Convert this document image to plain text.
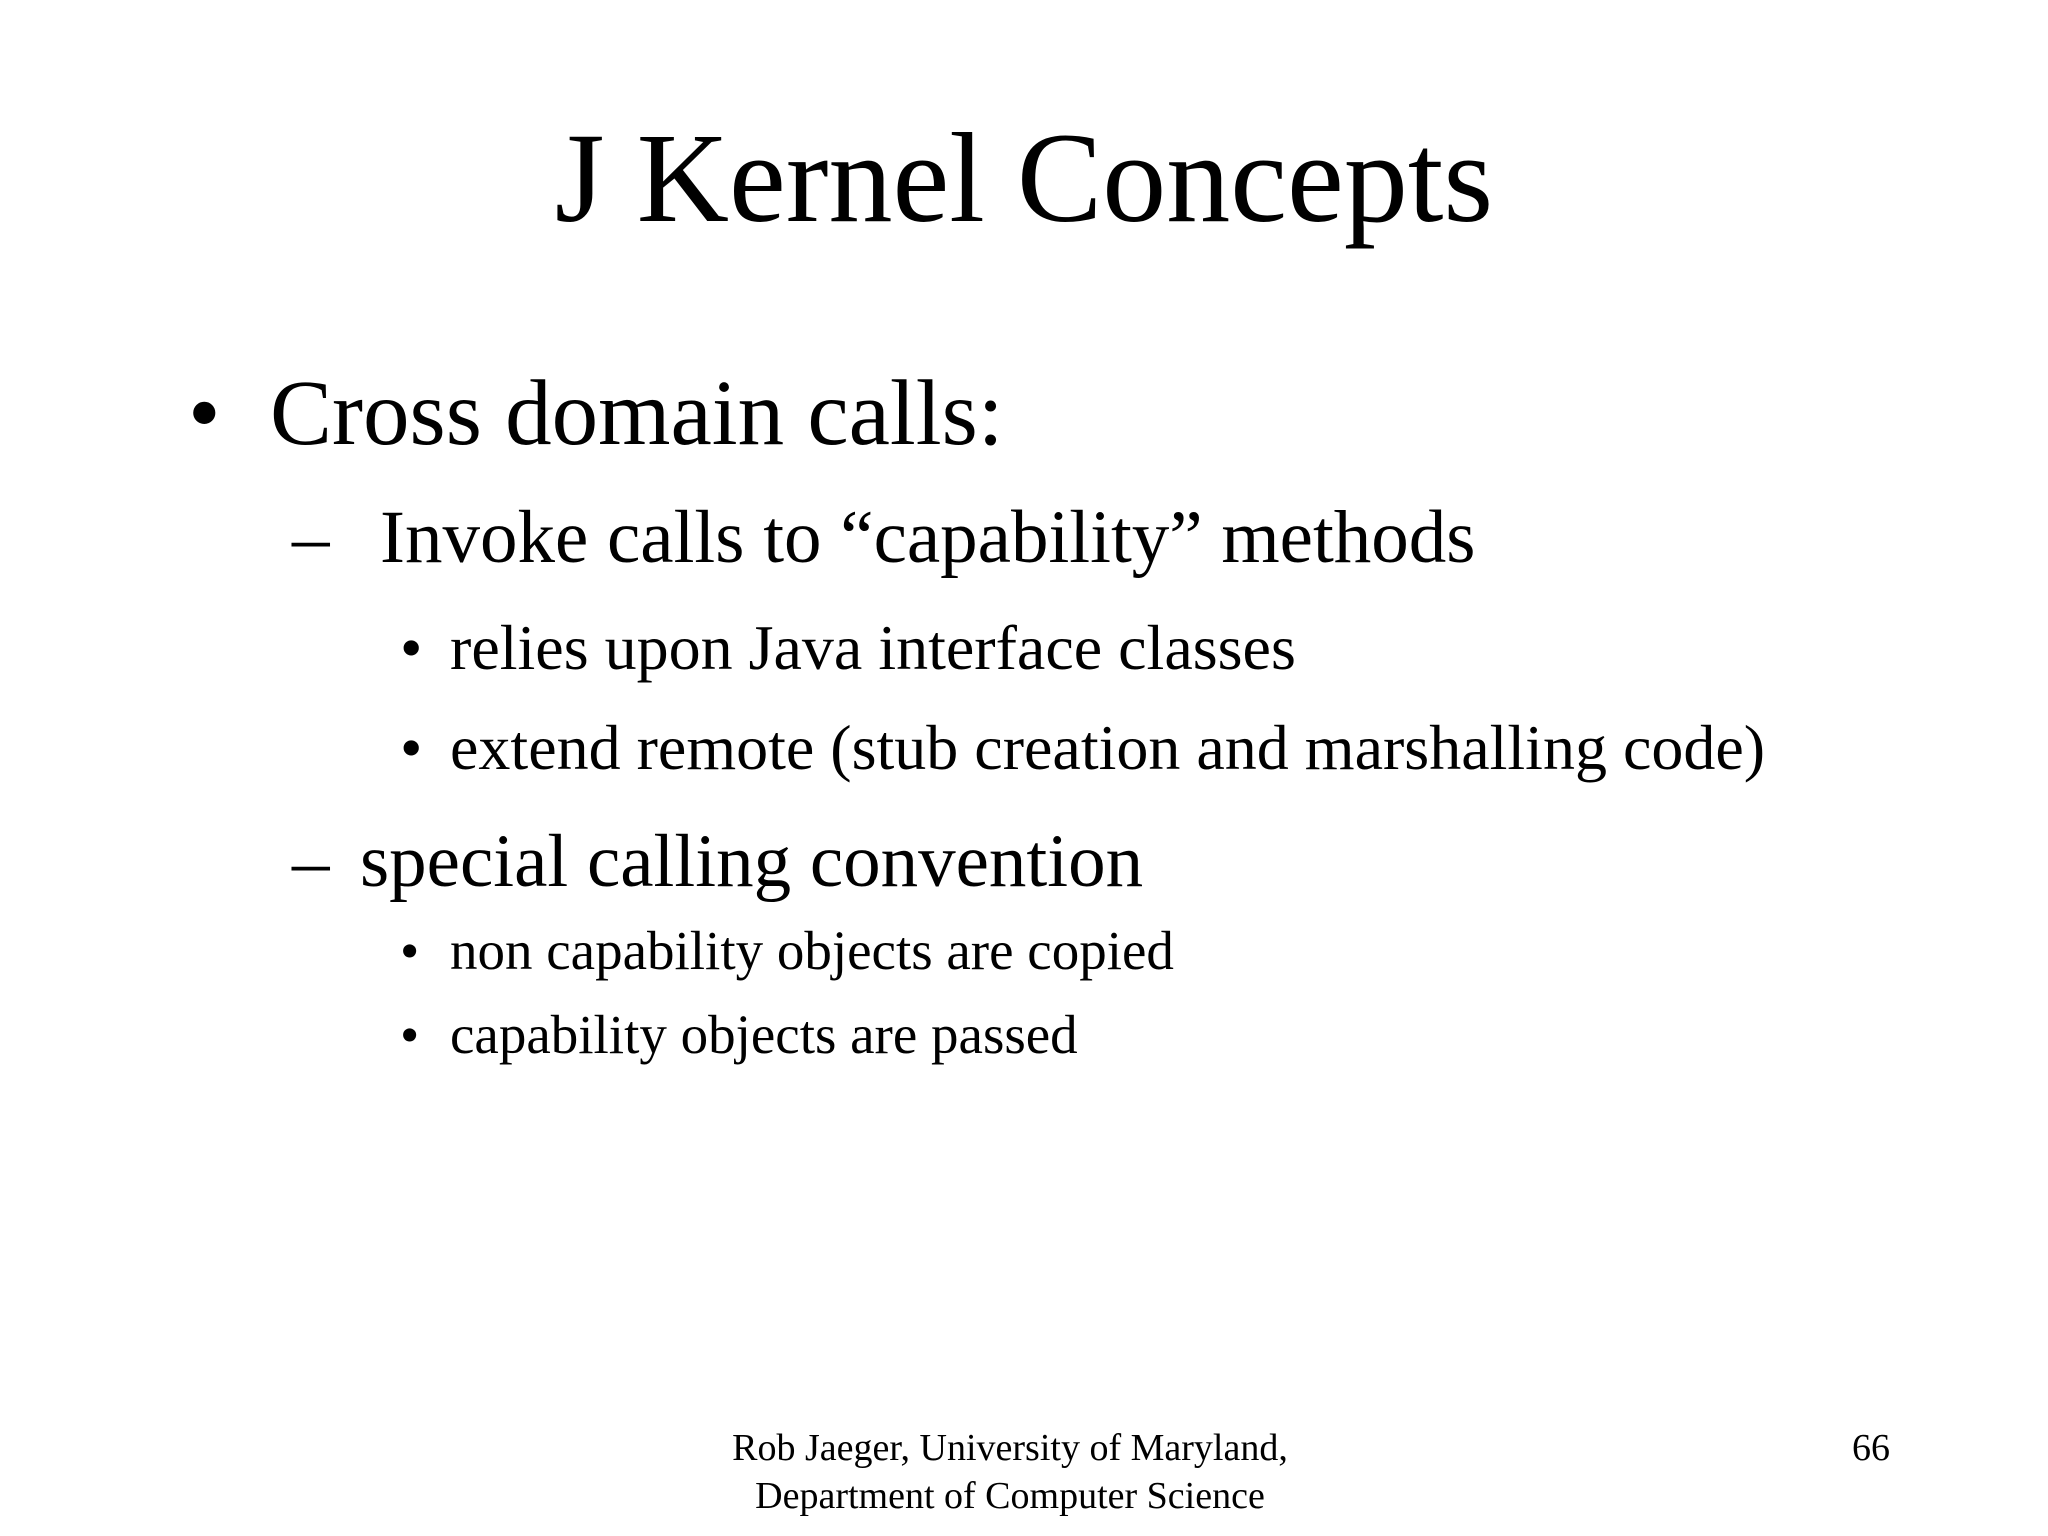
J Kernel Concepts
• Cross domain calls:
– Invoke calls to “capability” methods
• relies upon Java interface classes
• extend remote (stub creation and marshalling code)
– special calling convention
• non capability objects are copied
• capability objects are passed
Rob Jaeger, University of Maryland,
Department of Computer Science
66
